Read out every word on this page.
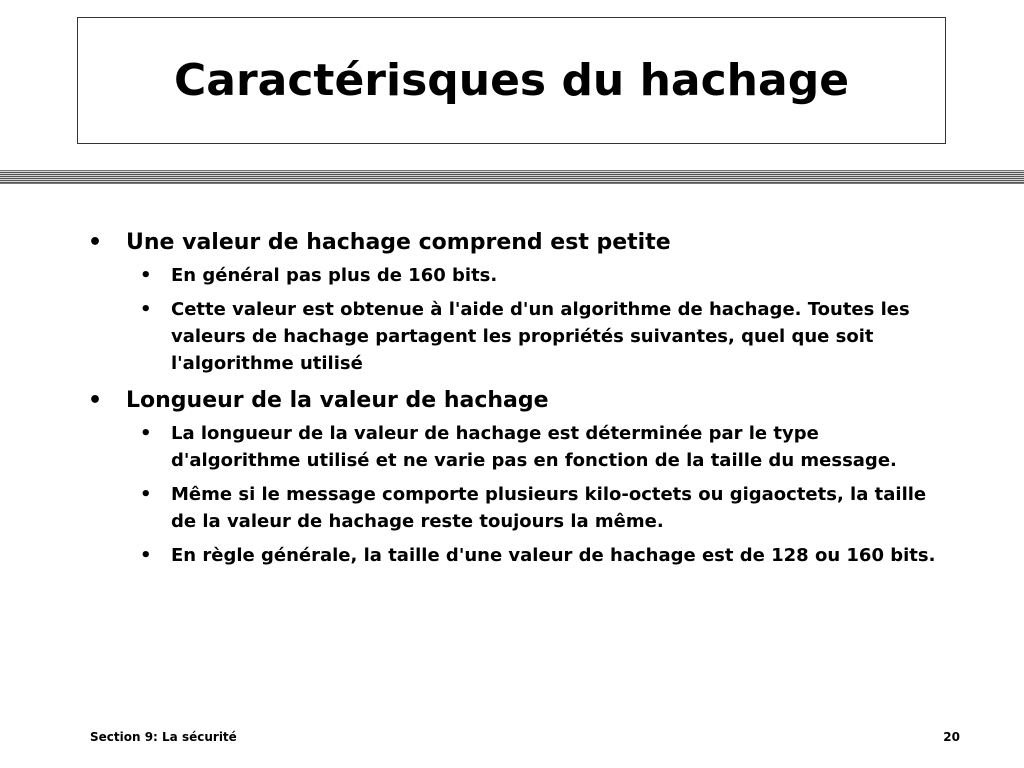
Caractérisques du hachage
• Une valeur de hachage comprend est petite
• En général pas plus de 160 bits.
• Cette valeur est obtenue à l'aide d'un algorithme de hachage. Toutes les valeurs de hachage partagent les propriétés suivantes, quel que soit l'algorithme utilisé
• Longueur de la valeur de hachage
• La longueur de la valeur de hachage est déterminée par le type d'algorithme utilisé et ne varie pas en fonction de la taille du message.
• Même si le message comporte plusieurs kilo-octets ou gigaoctets, la taille de la valeur de hachage reste toujours la même.
• En règle générale, la taille d'une valeur de hachage est de 128 ou 160 bits.
Section 9: La sécurité	20
